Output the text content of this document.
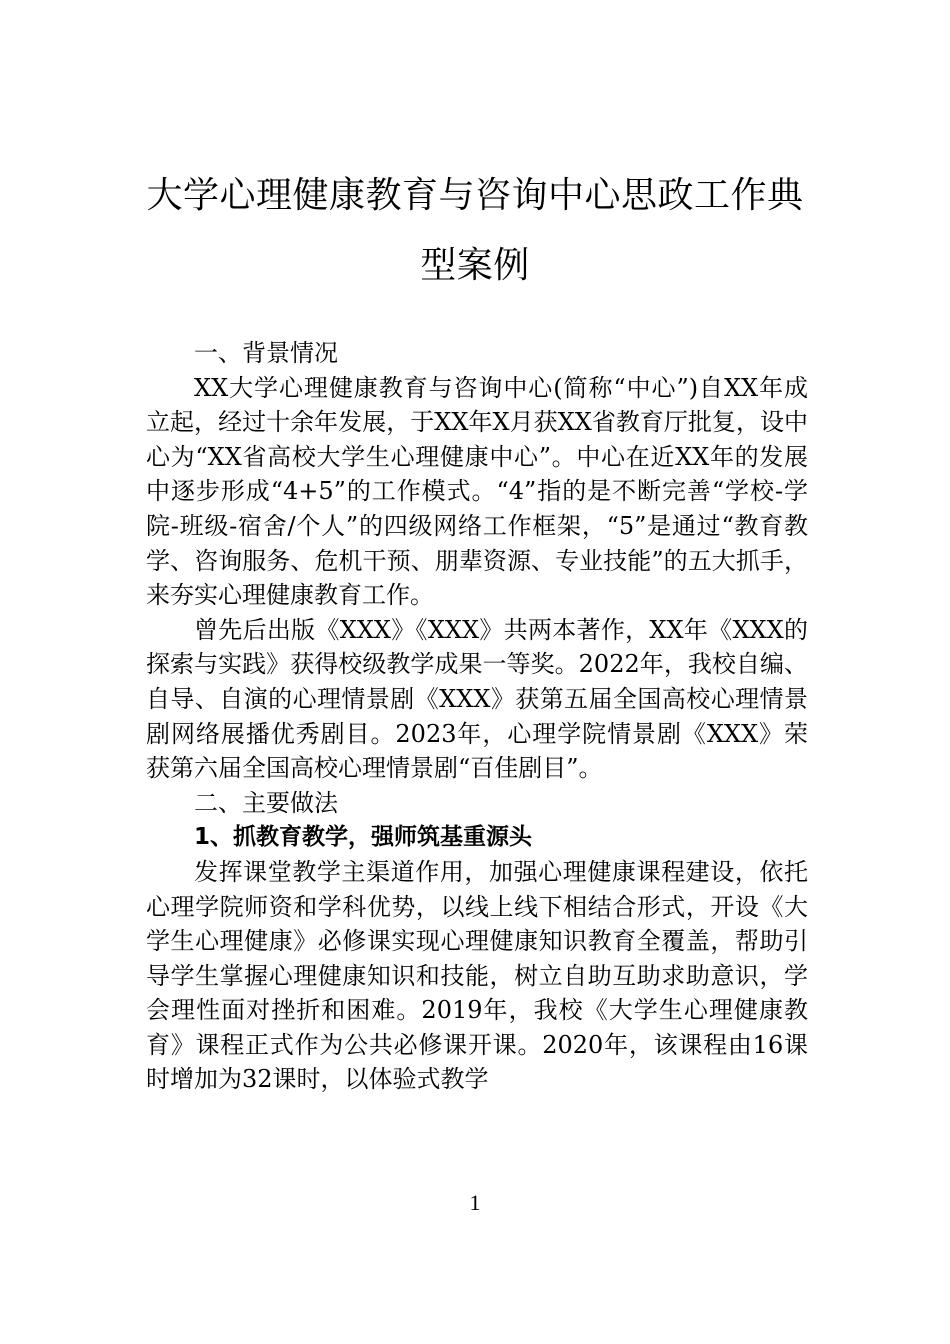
大学心理健康教育与咨询中心思政工作典
型案例

一、背景情况

XX大学心理健康教育与咨询中心(简称“中心”)自XX年成立起，经过十余年发展，于XX年X月获XX省教育厅批复，设中心为“XX省高校大学生心理健康中心”。中心在近XX年的发展中逐步形成“4+5”的工作模式。“4”指的是不断完善“学校-学院-班级-宿舍/个人”的四级网络工作框架，“5”是通过“教育教学、咨询服务、危机干预、朋辈资源、专业技能”的五大抓手，来夯实心理健康教育工作。

曾先后出版《XXX》《XXX》共两本著作，XX年《XXX的探索与实践》获得校级教学成果一等奖。2022年，我校自编、自导、自演的心理情景剧《XXX》获第五届全国高校心理情景剧网络展播优秀剧目。2023年，心理学院情景剧《XXX》荣获第六届全国高校心理情景剧“百佳剧目”。

二、主要做法

1、抓教育教学，强师筑基重源头

发挥课堂教学主渠道作用，加强心理健康课程建设，依托心理学院师资和学科优势，以线上线下相结合形式，开设《大学生心理健康》必修课实现心理健康知识教育全覆盖，帮助引导学生掌握心理健康知识和技能，树立自助互助求助意识，学会理性面对挫折和困难。2019年，我校《大学生心理健康教育》课程正式作为公共必修课开课。2020年，该课程由16课时增加为32课时，以体验式教学

1
